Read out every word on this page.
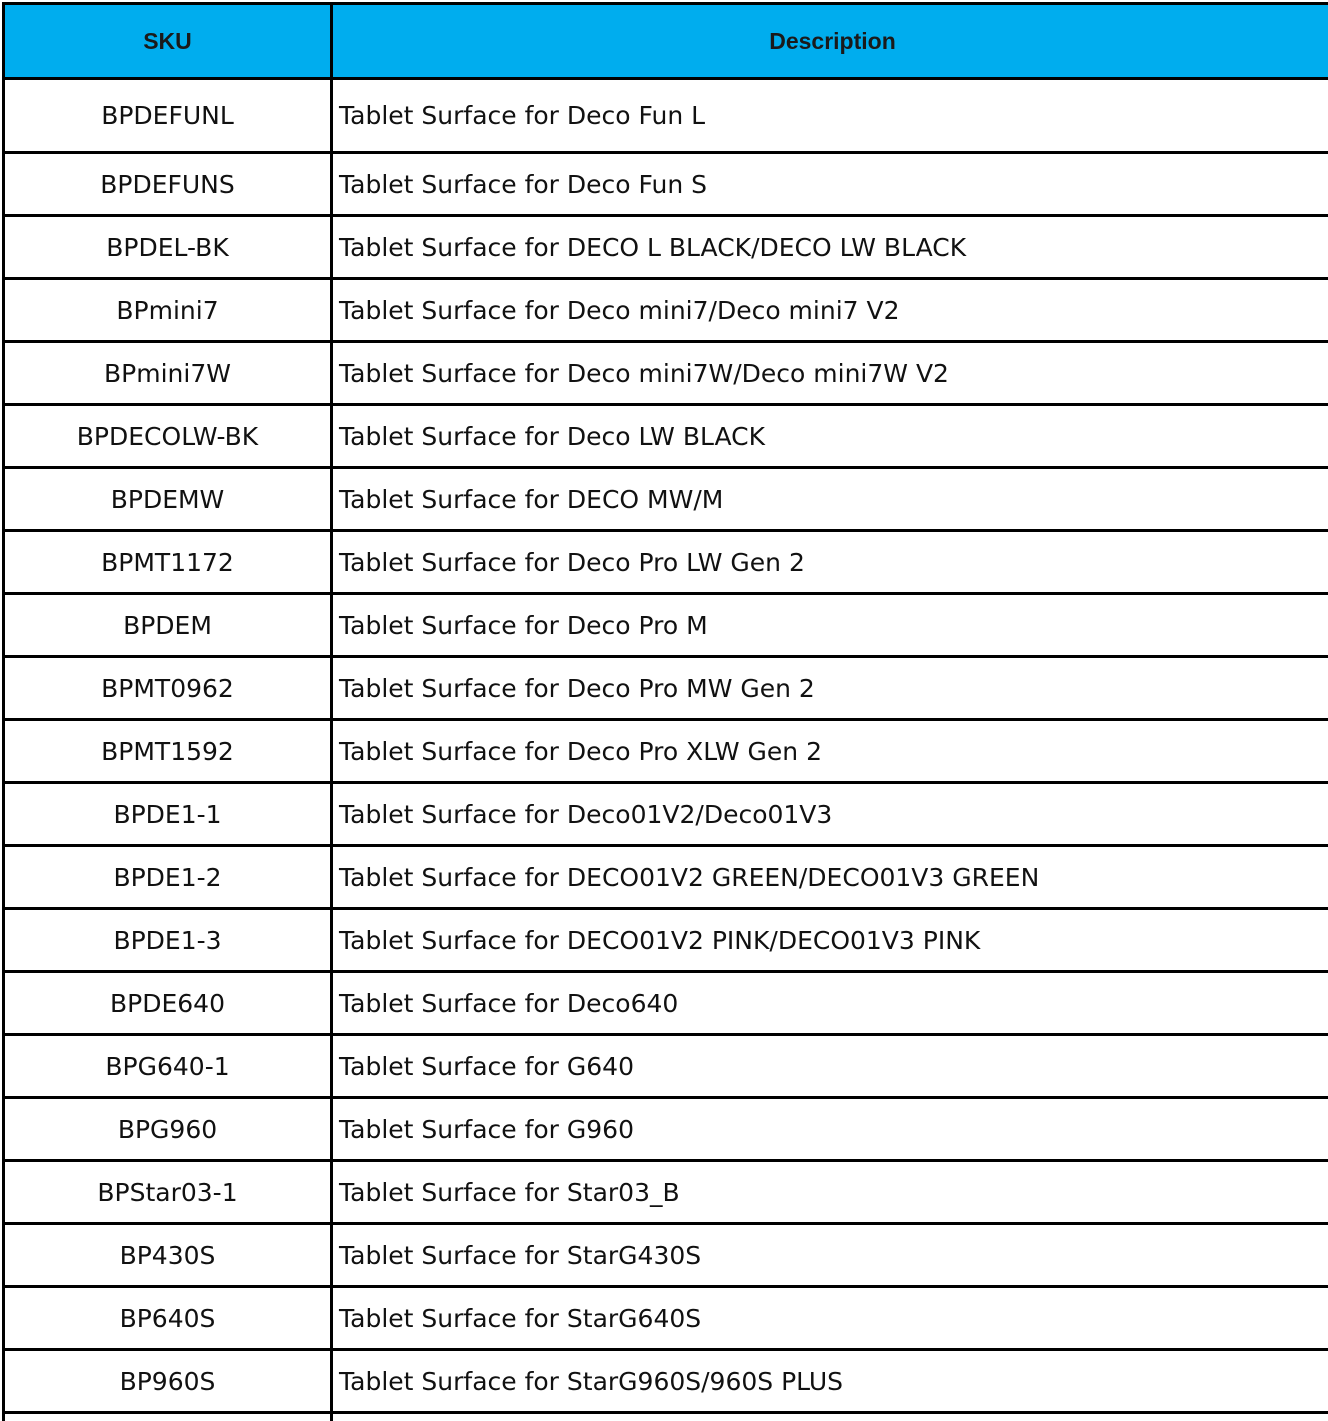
SKU	Description
BPDEFUNL	Tablet Surface for Deco Fun L
BPDEFUNS	Tablet Surface for Deco Fun S
BPDEL-BK	Tablet Surface for DECO L BLACK/DECO LW BLACK
BPmini7	Tablet Surface for Deco mini7/Deco mini7 V2
BPmini7W	Tablet Surface for Deco mini7W/Deco mini7W V2
BPDECOLW-BK	Tablet Surface for Deco LW BLACK
BPDEMW	Tablet Surface for DECO MW/M
BPMT1172	Tablet Surface for Deco Pro LW Gen 2
BPDEM	Tablet Surface for Deco Pro M
BPMT0962	Tablet Surface for Deco Pro MW Gen 2
BPMT1592	Tablet Surface for Deco Pro XLW Gen 2
BPDE1-1	Tablet Surface for Deco01V2/Deco01V3
BPDE1-2	Tablet Surface for DECO01V2 GREEN/DECO01V3 GREEN
BPDE1-3	Tablet Surface for DECO01V2 PINK/DECO01V3 PINK
BPDE640	Tablet Surface for Deco640
BPG640-1	Tablet Surface for G640
BPG960	Tablet Surface for G960
BPStar03-1	Tablet Surface for Star03_B
BP430S	Tablet Surface for StarG430S
BP640S	Tablet Surface for StarG640S
BP960S	Tablet Surface for StarG960S/960S PLUS
